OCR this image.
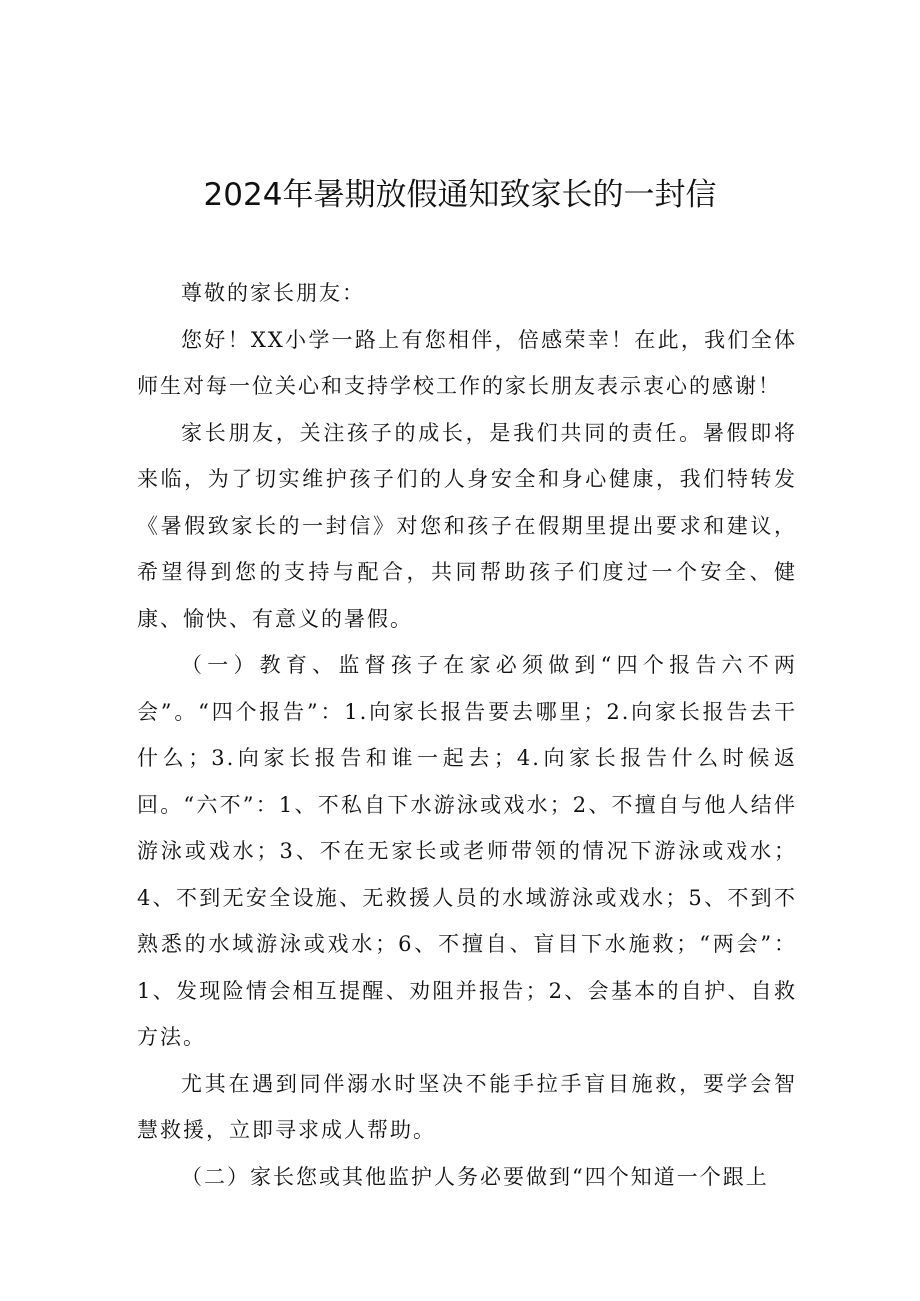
2024年暑期放假通知致家长的一封信

尊敬的家长朋友：

您好！XX小学一路上有您相伴，倍感荣幸！在此，我们全体师生对每一位关心和支持学校工作的家长朋友表示衷心的感谢！

家长朋友，关注孩子的成长，是我们共同的责任。暑假即将来临，为了切实维护孩子们的人身安全和身心健康，我们特转发《暑假致家长的一封信》对您和孩子在假期里提出要求和建议，希望得到您的支持与配合，共同帮助孩子们度过一个安全、健康、愉快、有意义的暑假。

（一）教育、监督孩子在家必须做到“四个报告六不两会”。“四个报告”：1.向家长报告要去哪里；2.向家长报告去干什么；3.向家长报告和谁一起去；4.向家长报告什么时候返回。“六不”：1、不私自下水游泳或戏水；2、不擅自与他人结伴游泳或戏水；3、不在无家长或老师带领的情况下游泳或戏水；4、不到无安全设施、无救援人员的水域游泳或戏水；5、不到不熟悉的水域游泳或戏水；6、不擅自、盲目下水施救；“两会”：1、发现险情会相互提醒、劝阻并报告；2、会基本的自护、自救方法。

尤其在遇到同伴溺水时坚决不能手拉手盲目施救，要学会智慧救援，立即寻求成人帮助。

（二）家长您或其他监护人务必要做到“四个知道一个跟上
